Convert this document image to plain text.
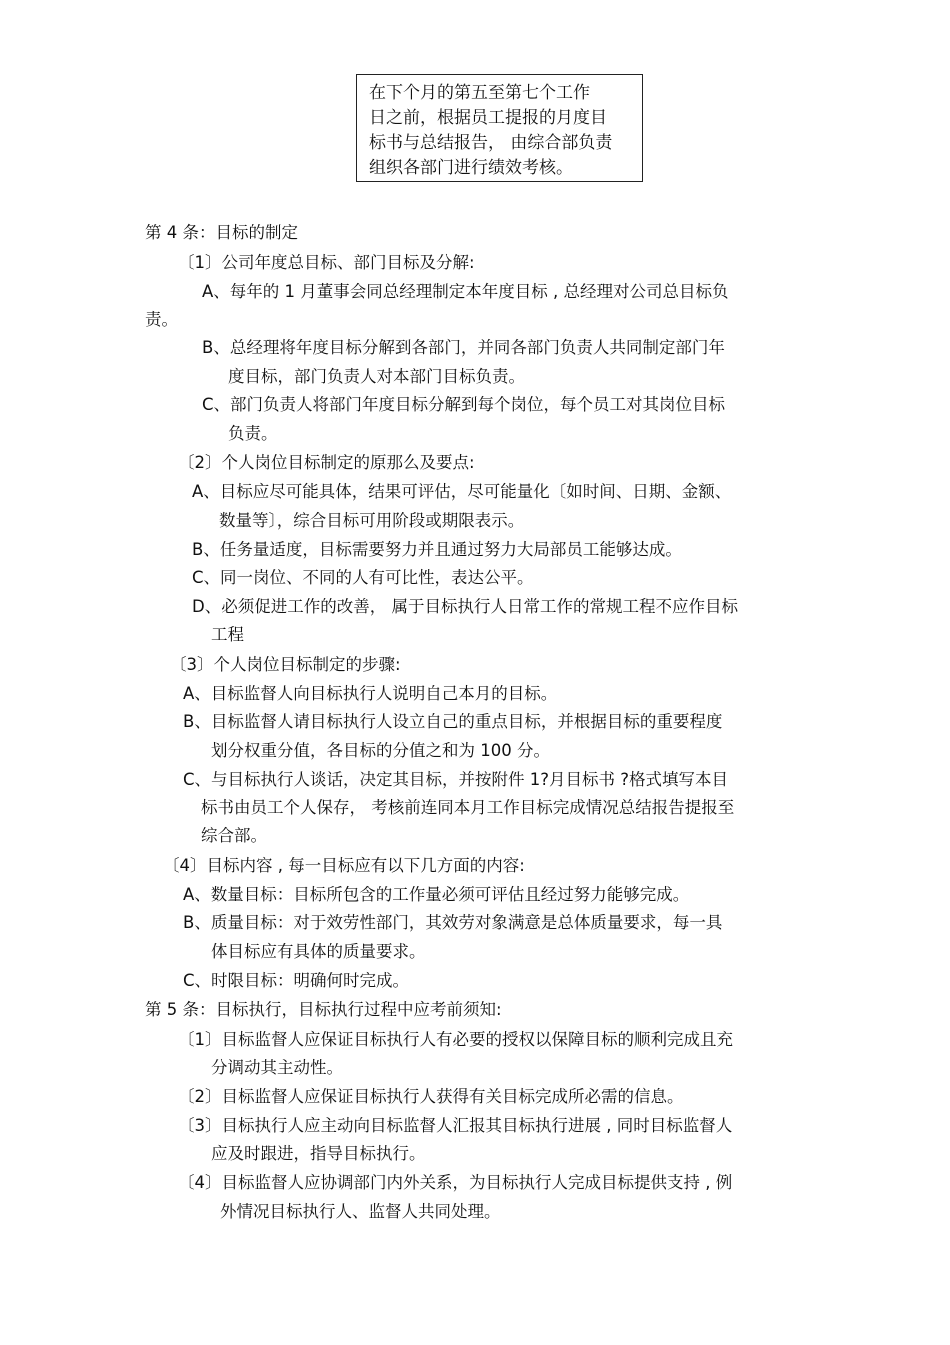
在下个月的第五至第七个工作
日之前，根据员工提报的月度目
标书与总结报告， 由综合部负责
组织各部门进行绩效考核。
第 4 条：目标的制定
〔1〕公司年度总目标、部门目标及分解:
A、每年的 1 月董事会同总经理制定本年度目标 , 总经理对公司总目标负
责。
B、总经理将年度目标分解到各部门，并同各部门负责人共同制定部门年
度目标，部门负责人对本部门目标负责。
C、部门负责人将部门年度目标分解到每个岗位，每个员工对其岗位目标
负责。
〔2〕个人岗位目标制定的原那么及要点:
A、目标应尽可能具体，结果可评估，尽可能量化〔如时间、日期、金额、
数量等〕，综合目标可用阶段或期限表示。
B、任务量适度，目标需要努力并且通过努力大局部员工能够达成。
C、同一岗位、不同的人有可比性，表达公平。
D、必须促进工作的改善， 属于目标执行人日常工作的常规工程不应作目标
工程
〔3〕个人岗位目标制定的步骤:
A、目标监督人向目标执行人说明自己本月的目标。
B、目标监督人请目标执行人设立自己的重点目标，并根据目标的重要程度
划分权重分值，各目标的分值之和为 100 分。
C、与目标执行人谈话，决定其目标，并按附件 1?月目标书 ?格式填写本目
标书由员工个人保存， 考核前连同本月工作目标完成情况总结报告提报至
综合部。
〔4〕目标内容 , 每一目标应有以下几方面的内容:
A、数量目标：目标所包含的工作量必须可评估且经过努力能够完成。
B、质量目标：对于效劳性部门，其效劳对象满意是总体质量要求，每一具
体目标应有具体的质量要求。
C、时限目标：明确何时完成。
第 5 条：目标执行，目标执行过程中应考前须知:
〔1〕目标监督人应保证目标执行人有必要的授权以保障目标的顺利完成且充
分调动其主动性。
〔2〕目标监督人应保证目标执行人获得有关目标完成所必需的信息。
〔3〕目标执行人应主动向目标监督人汇报其目标执行进展 , 同时目标监督人
应及时跟进，指导目标执行。
〔4〕目标监督人应协调部门内外关系，为目标执行人完成目标提供支持 , 例
外情况目标执行人、监督人共同处理。
